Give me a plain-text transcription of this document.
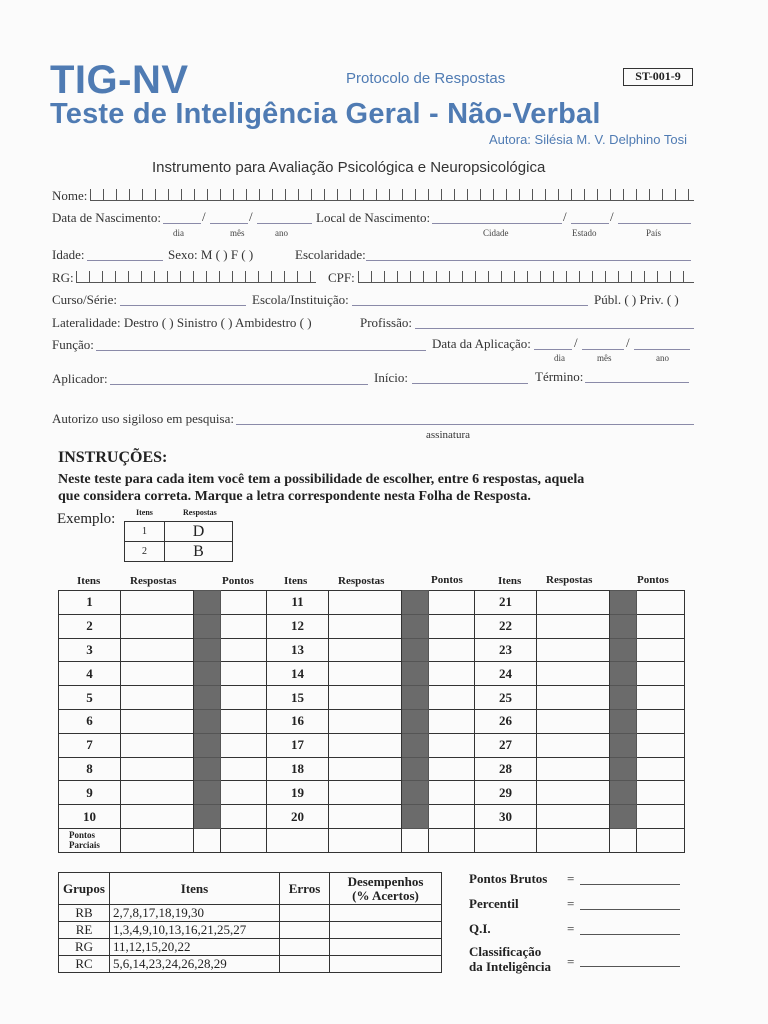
TIG-NV	Protocolo de Respostas	ST-001-9
Teste de Inteligência Geral - Não-Verbal
Autora: Silésia M. V. Delphino Tosi
Instrumento para Avaliação Psicológica e Neuropsicológica
Nome:
Data de Nascimento:	/	/
dia	mês	ano
Local de Nascimento:	/	/
Cidade	Estado	País
Idade:	Sexo: M ( ) F ( )	Escolaridade:
RG:	CPF:
Curso/Série:	Escola/Instituição:	Públ. ( ) Priv. ( )
Lateralidade: Destro ( ) Sinistro ( ) Ambidestro ( )	Profissão:
Função:	Data da Aplicação:	/	/
dia	mês	ano
Aplicador:	Início:	Término:
Autorizo uso sigiloso em pesquisa:
assinatura
INSTRUÇÕES:
Neste teste para cada item você tem a possibilidade de escolher, entre 6 respostas, aquela
que considera correta. Marque a letra correspondente nesta Folha de Resposta.
Exemplo:	Itens	Respostas
1	D
2	B
Itens	Respostas	Pontos	Itens	Respostas	Pontos	Itens Respostas	Pontos
1				11				21			
2				12				22			
3				13				23			
4				14				24			
5				15				25			
6				16				26			
7				17				27			
8				18				28			
9				19				29			
10				20				30			

Pontos
Parciais											

Grupos	Itens	Erros	Desempenhos
(% Acertos)

RB	2,7,8,17,18,19,30		
RE	1,3,4,9,10,13,16,21,25,27		
RG	11,12,15,20,22		
RC	5,6,14,23,24,26,28,29		
Pontos Brutos =
Percentil	=
Q.I.	=
Classificação
da Inteligência =
